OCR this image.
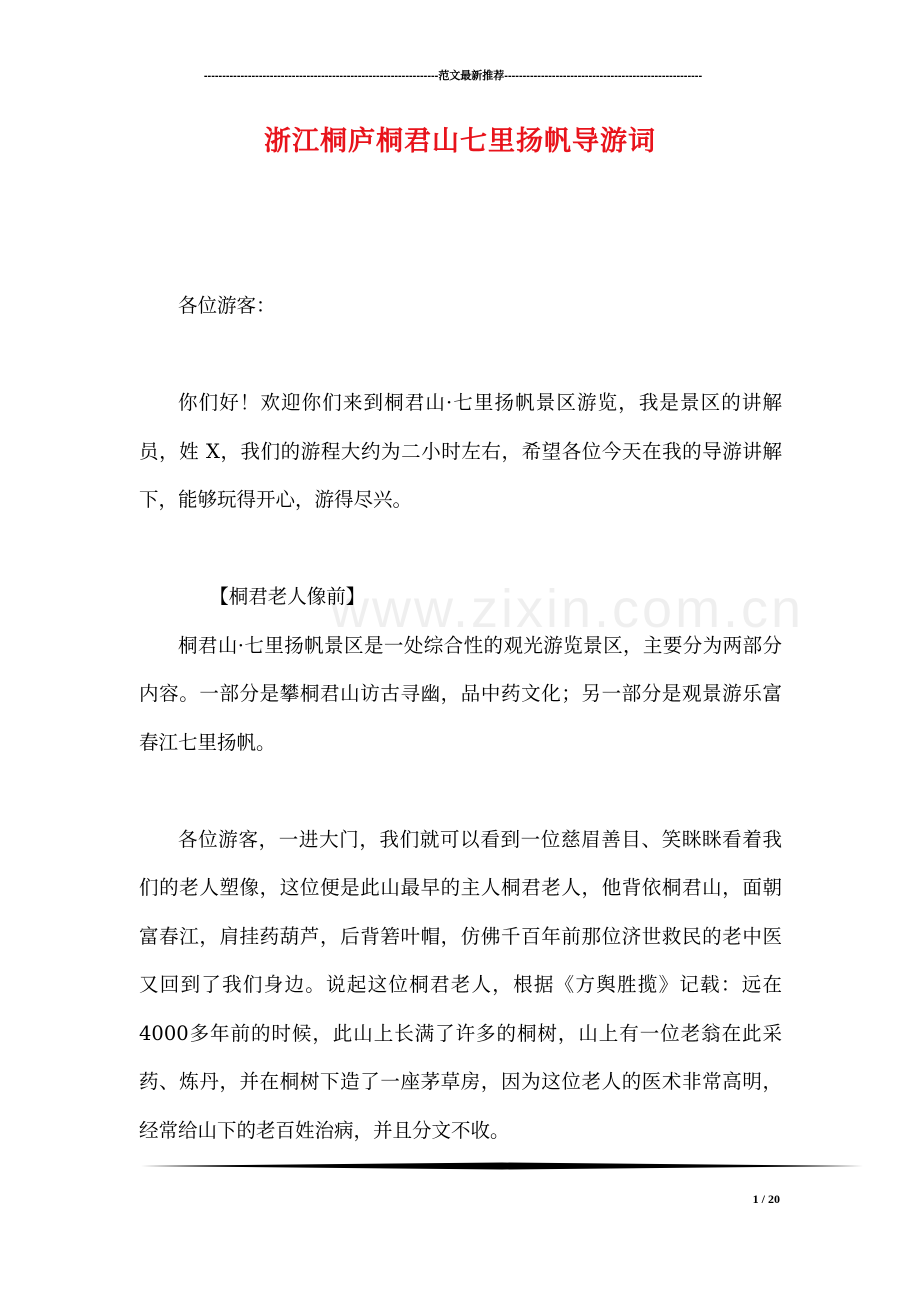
----------------------------------------------------------------范文最新推荐------------------------------------------------------
浙江桐庐桐君山七里扬帆导游词
www.zixin.com.cn

各位游客：

你们好！欢迎你们来到桐君山·七里扬帆景区游览，我是景区的讲解员，姓 X，我们的游程大约为二小时左右，希望各位今天在我的导游讲解下，能够玩得开心，游得尽兴。

【桐君老人像前】

桐君山·七里扬帆景区是一处综合性的观光游览景区，主要分为两部分内容。一部分是攀桐君山访古寻幽，品中药文化；另一部分是观景游乐富春江七里扬帆。

各位游客，一进大门，我们就可以看到一位慈眉善目、笑眯眯看着我们的老人塑像，这位便是此山最早的主人桐君老人，他背依桐君山，面朝富春江，肩挂药葫芦，后背箬叶帽，仿佛千百年前那位济世救民的老中医又回到了我们身边。说起这位桐君老人，根据《方舆胜揽》记载：远在4000多年前的时候，此山上长满了许多的桐树，山上有一位老翁在此采药、炼丹，并在桐树下造了一座茅草房，因为这位老人的医术非常高明，经常给山下的老百姓治病，并且分文不收。

1 / 20
